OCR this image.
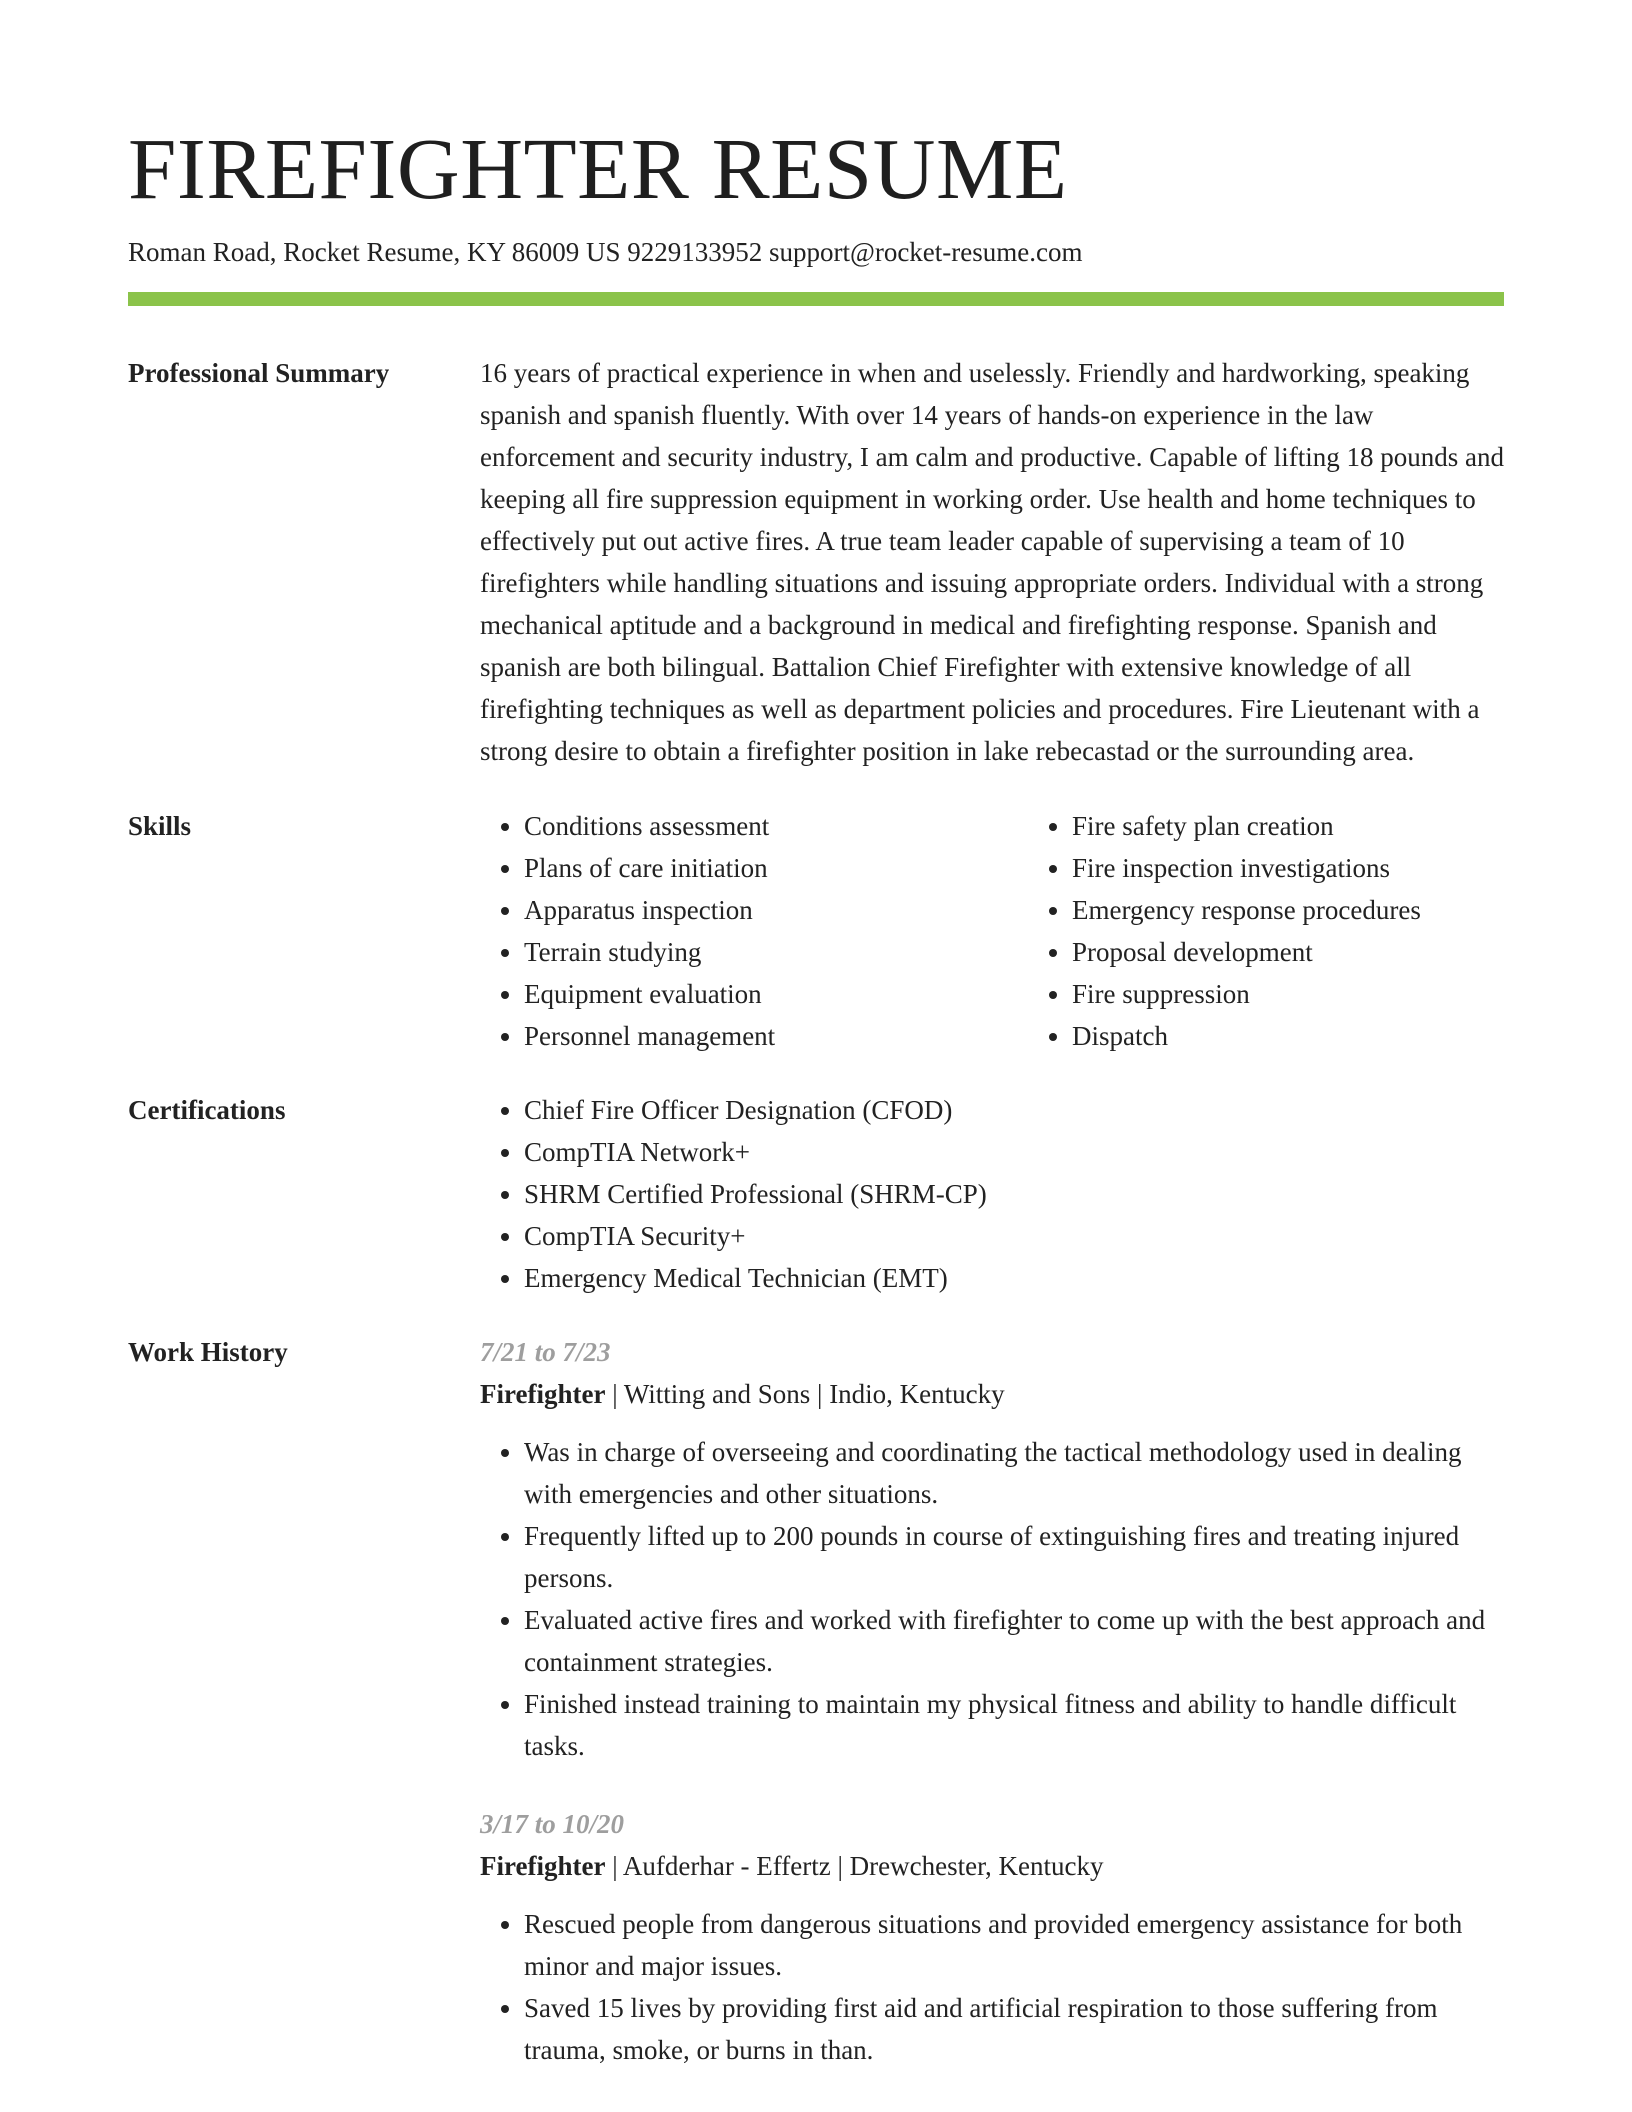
FIREFIGHTER RESUME
Roman Road, Rocket Resume, KY 86009 US 9229133952 support@rocket-resume.com
Professional Summary	16 years of practical experience in when and uselessly. Friendly and hardworking, speaking spanish and spanish fluently. With over 14 years of hands-on experience in the law enforcement and security industry, I am calm and productive. Capable of lifting 18 pounds and keeping all fire suppression equipment in working order. Use health and home techniques to effectively put out active fires. A true team leader capable of supervising a team of 10 firefighters while handling situations and issuing appropriate orders. Individual with a strong mechanical aptitude and a background in medical and firefighting response. Spanish and spanish are both bilingual. Battalion Chief Firefighter with extensive knowledge of all firefighting techniques as well as department policies and procedures. Fire Lieutenant with a strong desire to obtain a firefighter position in lake rebecastad or the surrounding area.

Skills	• Conditions assessment
• Plans of care initiation
• Apparatus inspection
• Terrain studying
• Equipment evaluation
• Personnel management
• Fire safety plan creation
• Fire inspection investigations
• Emergency response procedures
• Proposal development
• Fire suppression
• Dispatch
Certifications	• Chief Fire Officer Designation (CFOD)
• CompTIA Network+
• SHRM Certified Professional (SHRM-CP)
• CompTIA Security+
• Emergency Medical Technician (EMT)
Work History	7/21 to 7/23
Firefighter | Witting and Sons | Indio, Kentucky
• Was in charge of overseeing and coordinating the tactical methodology used in dealing with emergencies and other situations.
• Frequently lifted up to 200 pounds in course of extinguishing fires and treating injured persons.
• Evaluated active fires and worked with firefighter to come up with the best approach and containment strategies.
• Finished instead training to maintain my physical fitness and ability to handle difficult tasks.
3/17 to 10/20
Firefighter | Aufderhar - Effertz | Drewchester, Kentucky
• Rescued people from dangerous situations and provided emergency assistance for both minor and major issues.
• Saved 15 lives by providing first aid and artificial respiration to those suffering from trauma, smoke, or burns in than.
